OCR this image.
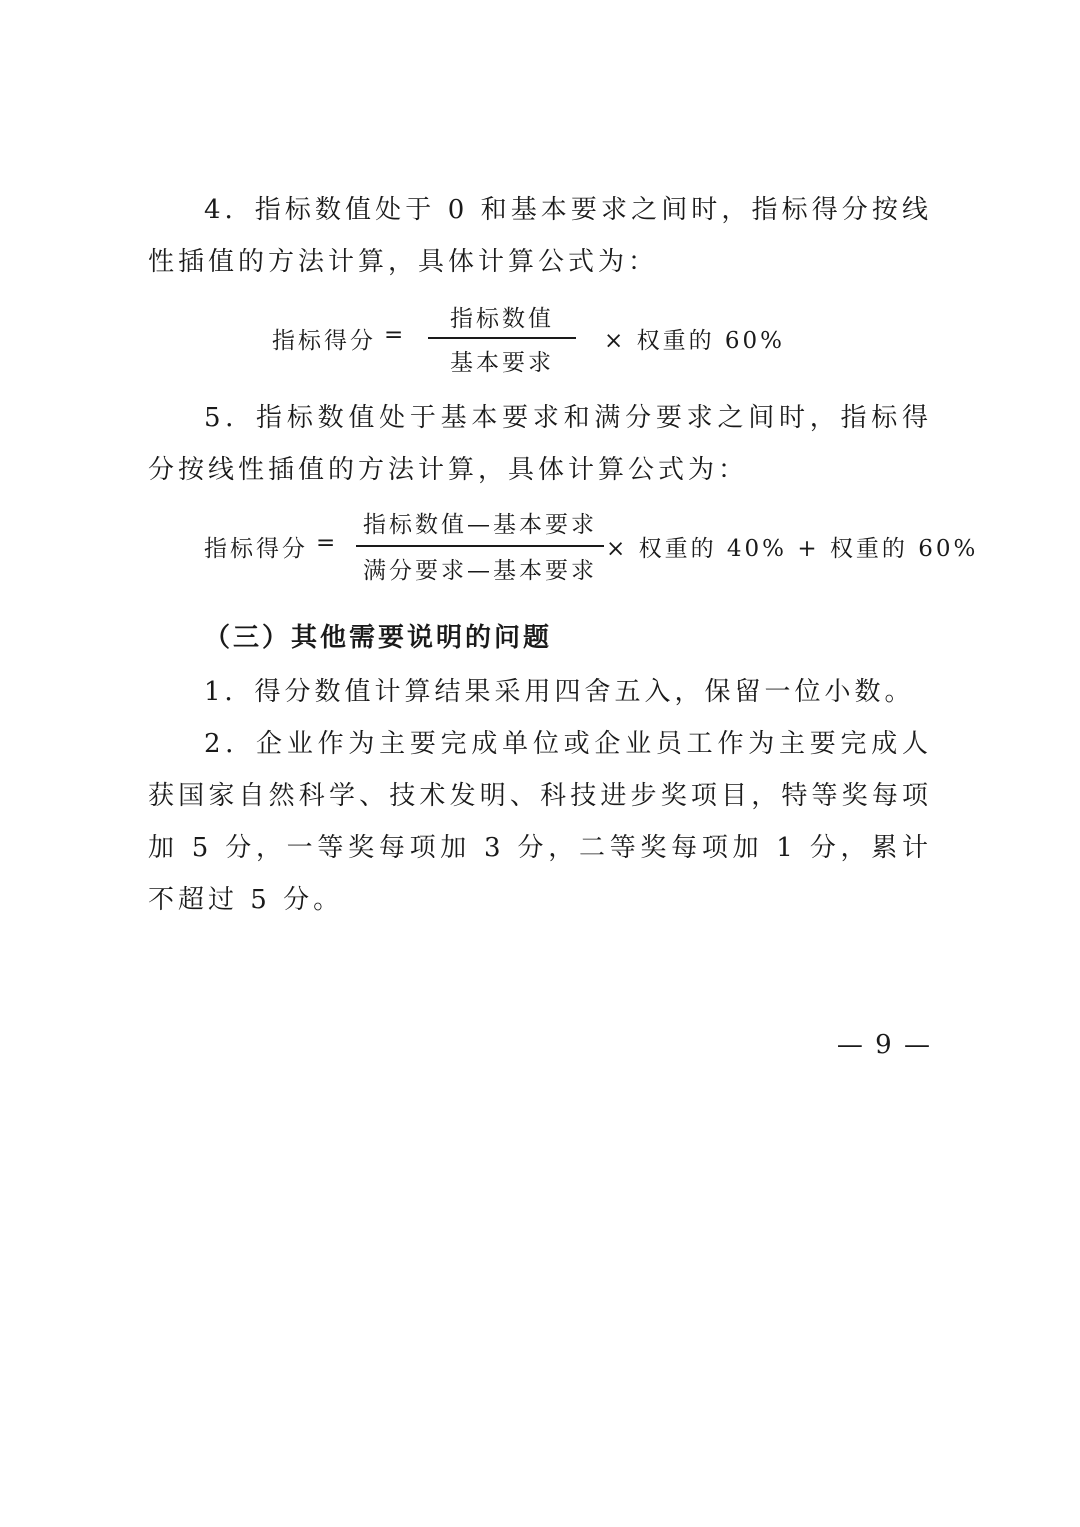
4．指标数值处于 0 和基本要求之间时，指标得分按线性插值的方法计算，具体计算公式为：

指标得分 =
指标数值
基本要求
× 权重的 60%

5．指标数值处于基本要求和满分要求之间时，指标得分按线性插值的方法计算，具体计算公式为：

指标得分 =
指标数值—基本要求
满分要求—基本要求
× 权重的 40% + 权重的 60%
（三）其他需要说明的问题

1．得分数值计算结果采用四舍五入，保留一位小数。

2．企业作为主要完成单位或企业员工作为主要完成人获国家自然科学、技术发明、科技进步奖项目，特等奖每项加 5 分，一等奖每项加 3 分，二等奖每项加 1 分，累计不超过 5 分。

— 9 —
